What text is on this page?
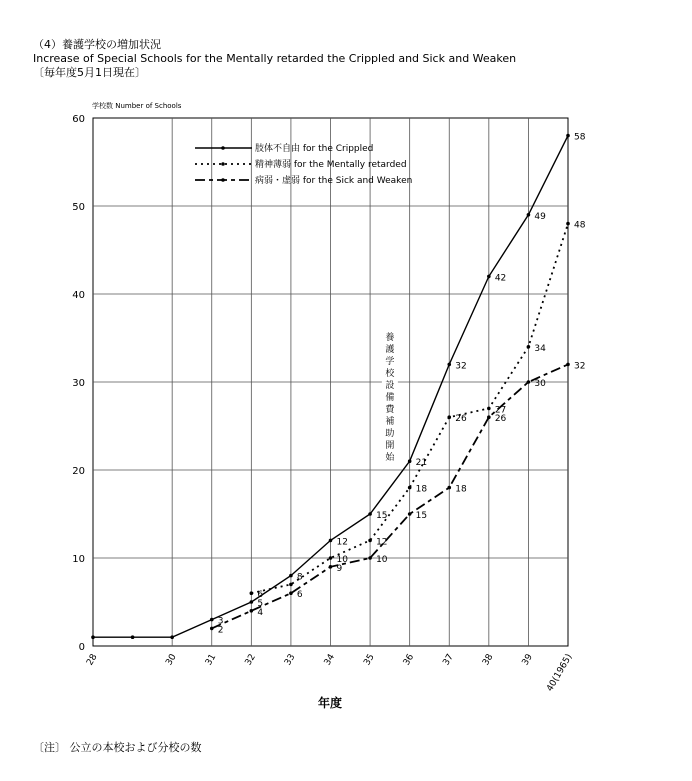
（4）養護学校の増加状況
Increase of Special Schools for the Mentally retarded the Crippled and Sick and Weaken
〔毎年度5月1日現在〕
学校数 Number of Schools
年度
3
5
8
12
15
21
32
42
49
58
6
10
12
18
26
27
34
48
2
4
6
9
10
15
18
26
30
32
0
10
20
30
40
50
60
28	30	31	32	33	34	35	36	37	38	39 40(1965)
肢体不自由 for the Crippled
精神薄弱 for the Mentally retarded
病弱・虚弱 for the Sick and Weaken
養護学校設備費補助開始
〔注〕 公立の本校および分校の数
